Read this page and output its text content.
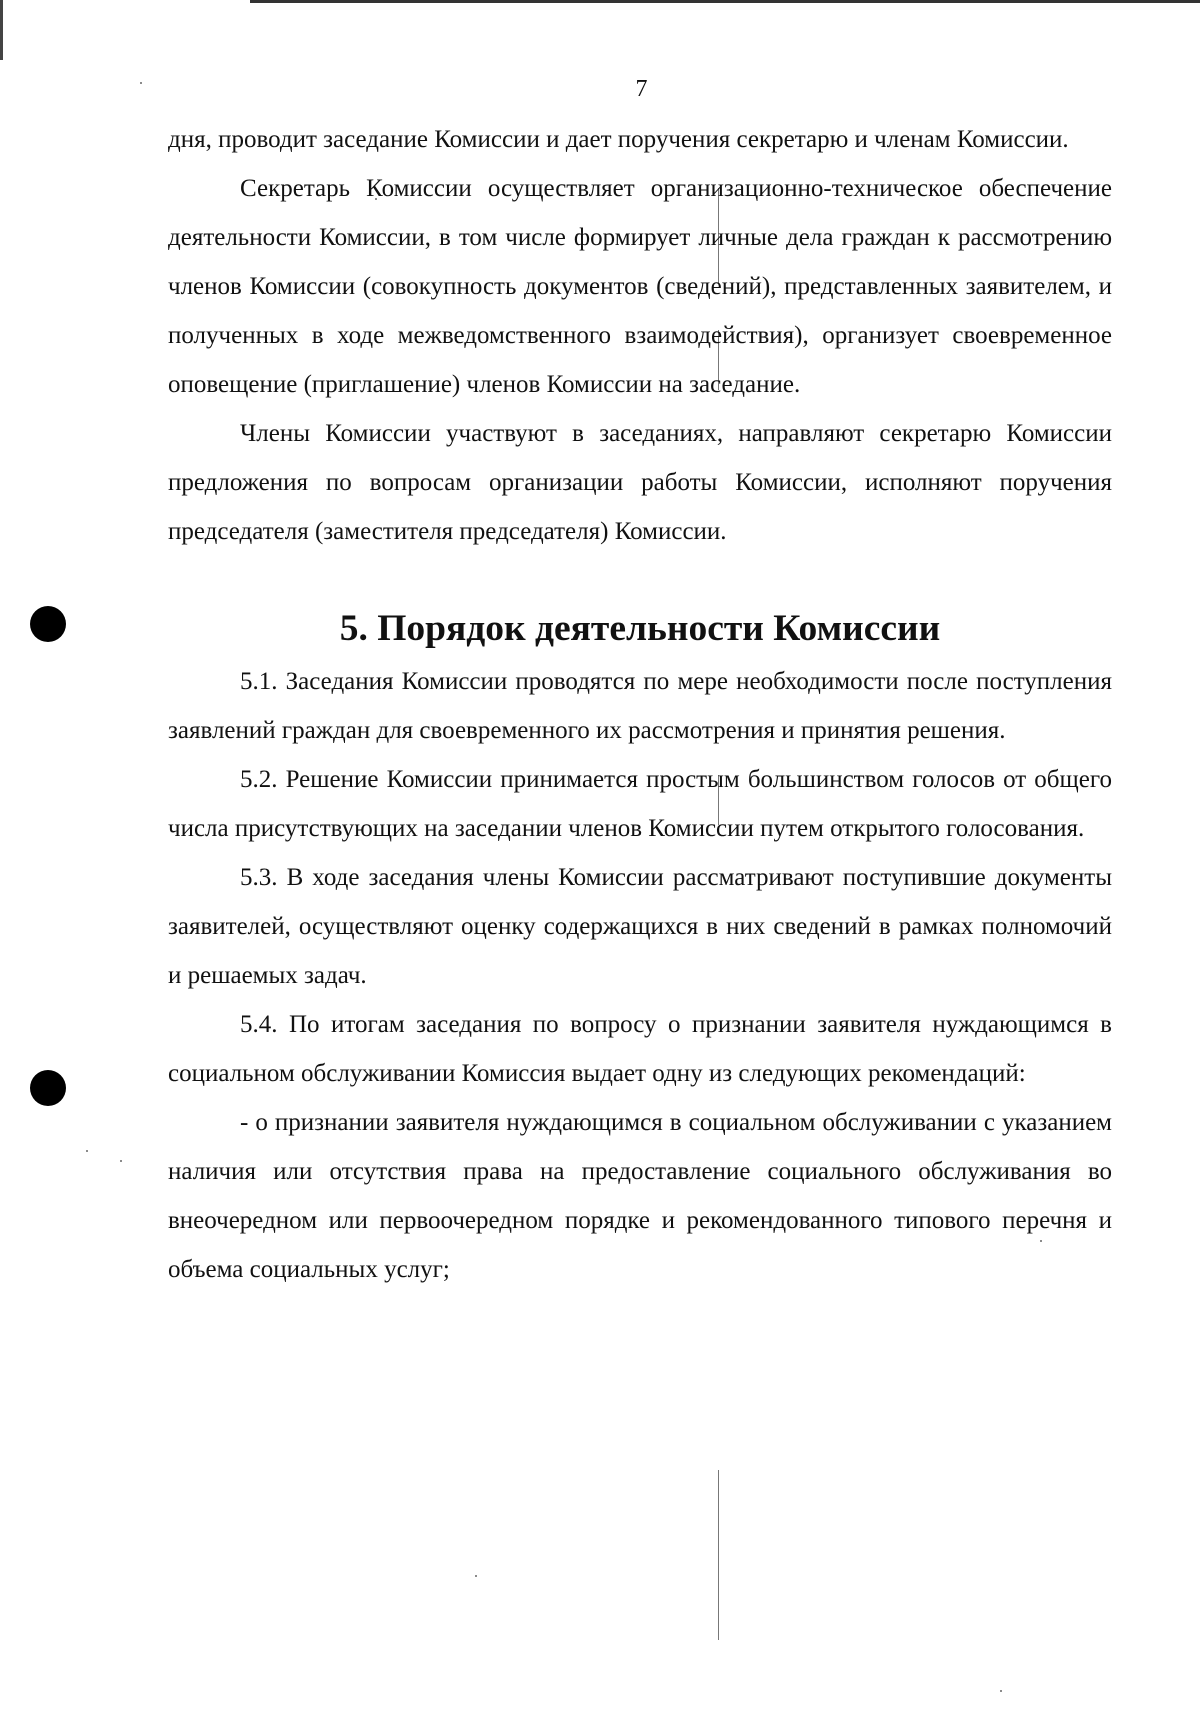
7

дня, проводит заседание Комиссии и дает поручения секретарю и членам Комиссии.

Секретарь Комиссии осуществляет организационно-техническое обеспечение деятельности Комиссии, в том числе формирует личные дела граждан к рассмотрению членов Комиссии (совокупность документов (сведений), представленных заявителем, и полученных в ходе межведомственного взаимодействия), организует своевременное оповещение (приглашение) членов Комиссии на заседание.

Члены Комиссии участвуют в заседаниях, направляют секретарю Комиссии предложения по вопросам организации работы Комиссии, исполняют поручения председателя (заместителя председателя) Комиссии.

5. Порядок деятельности Комиссии

5.1. Заседания Комиссии проводятся по мере необходимости после поступления заявлений граждан для своевременного их рассмотрения и принятия решения.

5.2. Решение Комиссии принимается простым большинством голосов от общего числа присутствующих на заседании членов Комиссии путем открытого голосования.

5.3. В ходе заседания члены Комиссии рассматривают поступившие документы заявителей, осуществляют оценку содержащихся в них сведений в рамках полномочий и решаемых задач.

5.4. По итогам заседания по вопросу о признании заявителя нуждающимся в социальном обслуживании Комиссия выдает одну из следующих рекомендаций:

- о признании заявителя нуждающимся в социальном обслуживании с указанием наличия или отсутствия права на предоставление социального обслуживания во внеочередном или первоочередном порядке и рекомендованного типового перечня и объема социальных услуг;
